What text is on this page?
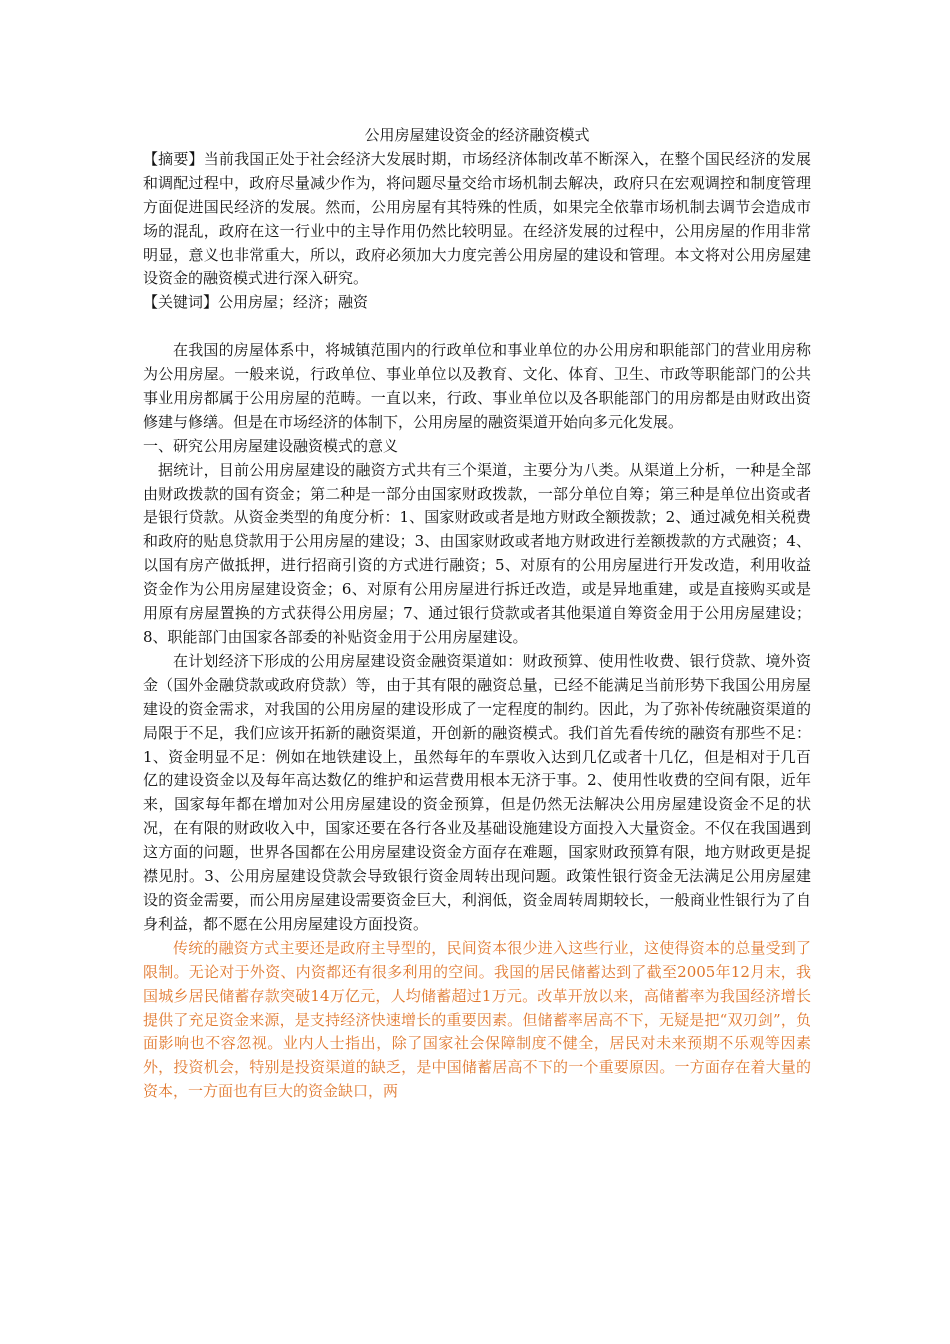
公用房屋建设资金的经济融资模式

【摘要】当前我国正处于社会经济大发展时期，市场经济体制改革不断深入，在整个国民经济的发展和调配过程中，政府尽量减少作为，将问题尽量交给市场机制去解决，政府只在宏观调控和制度管理方面促进国民经济的发展。然而，公用房屋有其特殊的性质，如果完全依靠市场机制去调节会造成市场的混乱，政府在这一行业中的主导作用仍然比较明显。在经济发展的过程中，公用房屋的作用非常明显，意义也非常重大，所以，政府必须加大力度完善公用房屋的建设和管理。本文将对公用房屋建设资金的融资模式进行深入研究。

【关键词】公用房屋；经济；融资

在我国的房屋体系中，将城镇范围内的行政单位和事业单位的办公用房和职能部门的营业用房称为公用房屋。一般来说，行政单位、事业单位以及教育、文化、体育、卫生、市政等职能部门的公共事业用房都属于公用房屋的范畴。一直以来，行政、事业单位以及各职能部门的用房都是由财政出资修建与修缮。但是在市场经济的体制下，公用房屋的融资渠道开始向多元化发展。

一、研究公用房屋建设融资模式的意义

据统计，目前公用房屋建设的融资方式共有三个渠道，主要分为八类。从渠道上分析，一种是全部由财政拨款的国有资金；第二种是一部分由国家财政拨款，一部分单位自筹；第三种是单位出资或者是银行贷款。从资金类型的角度分析：1、国家财政或者是地方财政全额拨款；2、通过减免相关税费和政府的贴息贷款用于公用房屋的建设；3、由国家财政或者地方财政进行差额拨款的方式融资；4、以国有房产做抵押，进行招商引资的方式进行融资；5、对原有的公用房屋进行开发改造，利用收益资金作为公用房屋建设资金；6、对原有公用房屋进行拆迁改造，或是异地重建，或是直接购买或是用原有房屋置换的方式获得公用房屋；7、通过银行贷款或者其他渠道自筹资金用于公用房屋建设；8、职能部门由国家各部委的补贴资金用于公用房屋建设。

在计划经济下形成的公用房屋建设资金融资渠道如：财政预算、使用性收费、银行贷款、境外资金（国外金融贷款或政府贷款）等，由于其有限的融资总量，已经不能满足当前形势下我国公用房屋建设的资金需求，对我国的公用房屋的建设形成了一定程度的制约。因此，为了弥补传统融资渠道的局限于不足，我们应该开拓新的融资渠道，开创新的融资模式。我们首先看传统的融资有那些不足：1、资金明显不足：例如在地铁建设上，虽然每年的车票收入达到几亿或者十几亿，但是相对于几百亿的建设资金以及每年高达数亿的维护和运营费用根本无济于事。2、使用性收费的空间有限，近年来，国家每年都在增加对公用房屋建设的资金预算，但是仍然无法解决公用房屋建设资金不足的状况，在有限的财政收入中，国家还要在各行各业及基础设施建设方面投入大量资金。不仅在我国遇到这方面的问题，世界各国都在公用房屋建设资金方面存在难题，国家财政预算有限，地方财政更是捉襟见肘。3、公用房屋建设贷款会导致银行资金周转出现问题。政策性银行资金无法满足公用房屋建设的资金需要，而公用房屋建设需要资金巨大，利润低，资金周转周期较长，一般商业性银行为了自身利益，都不愿在公用房屋建设方面投资。

传统的融资方式主要还是政府主导型的，民间资本很少进入这些行业，这使得资本的总量受到了限制。无论对于外资、内资都还有很多利用的空间。我国的居民储蓄达到了截至2005年12月末，我国城乡居民储蓄存款突破14万亿元，人均储蓄超过1万元。改革开放以来，高储蓄率为我国经济增长提供了充足资金来源，是支持经济快速增长的重要因素。但储蓄率居高不下，无疑是把“双刃剑”，负面影响也不容忽视。业内人士指出，除了国家社会保障制度不健全，居民对未来预期不乐观等因素外，投资机会，特别是投资渠道的缺乏，是中国储蓄居高不下的一个重要原因。一方面存在着大量的资本，一方面也有巨大的资金缺口，两
